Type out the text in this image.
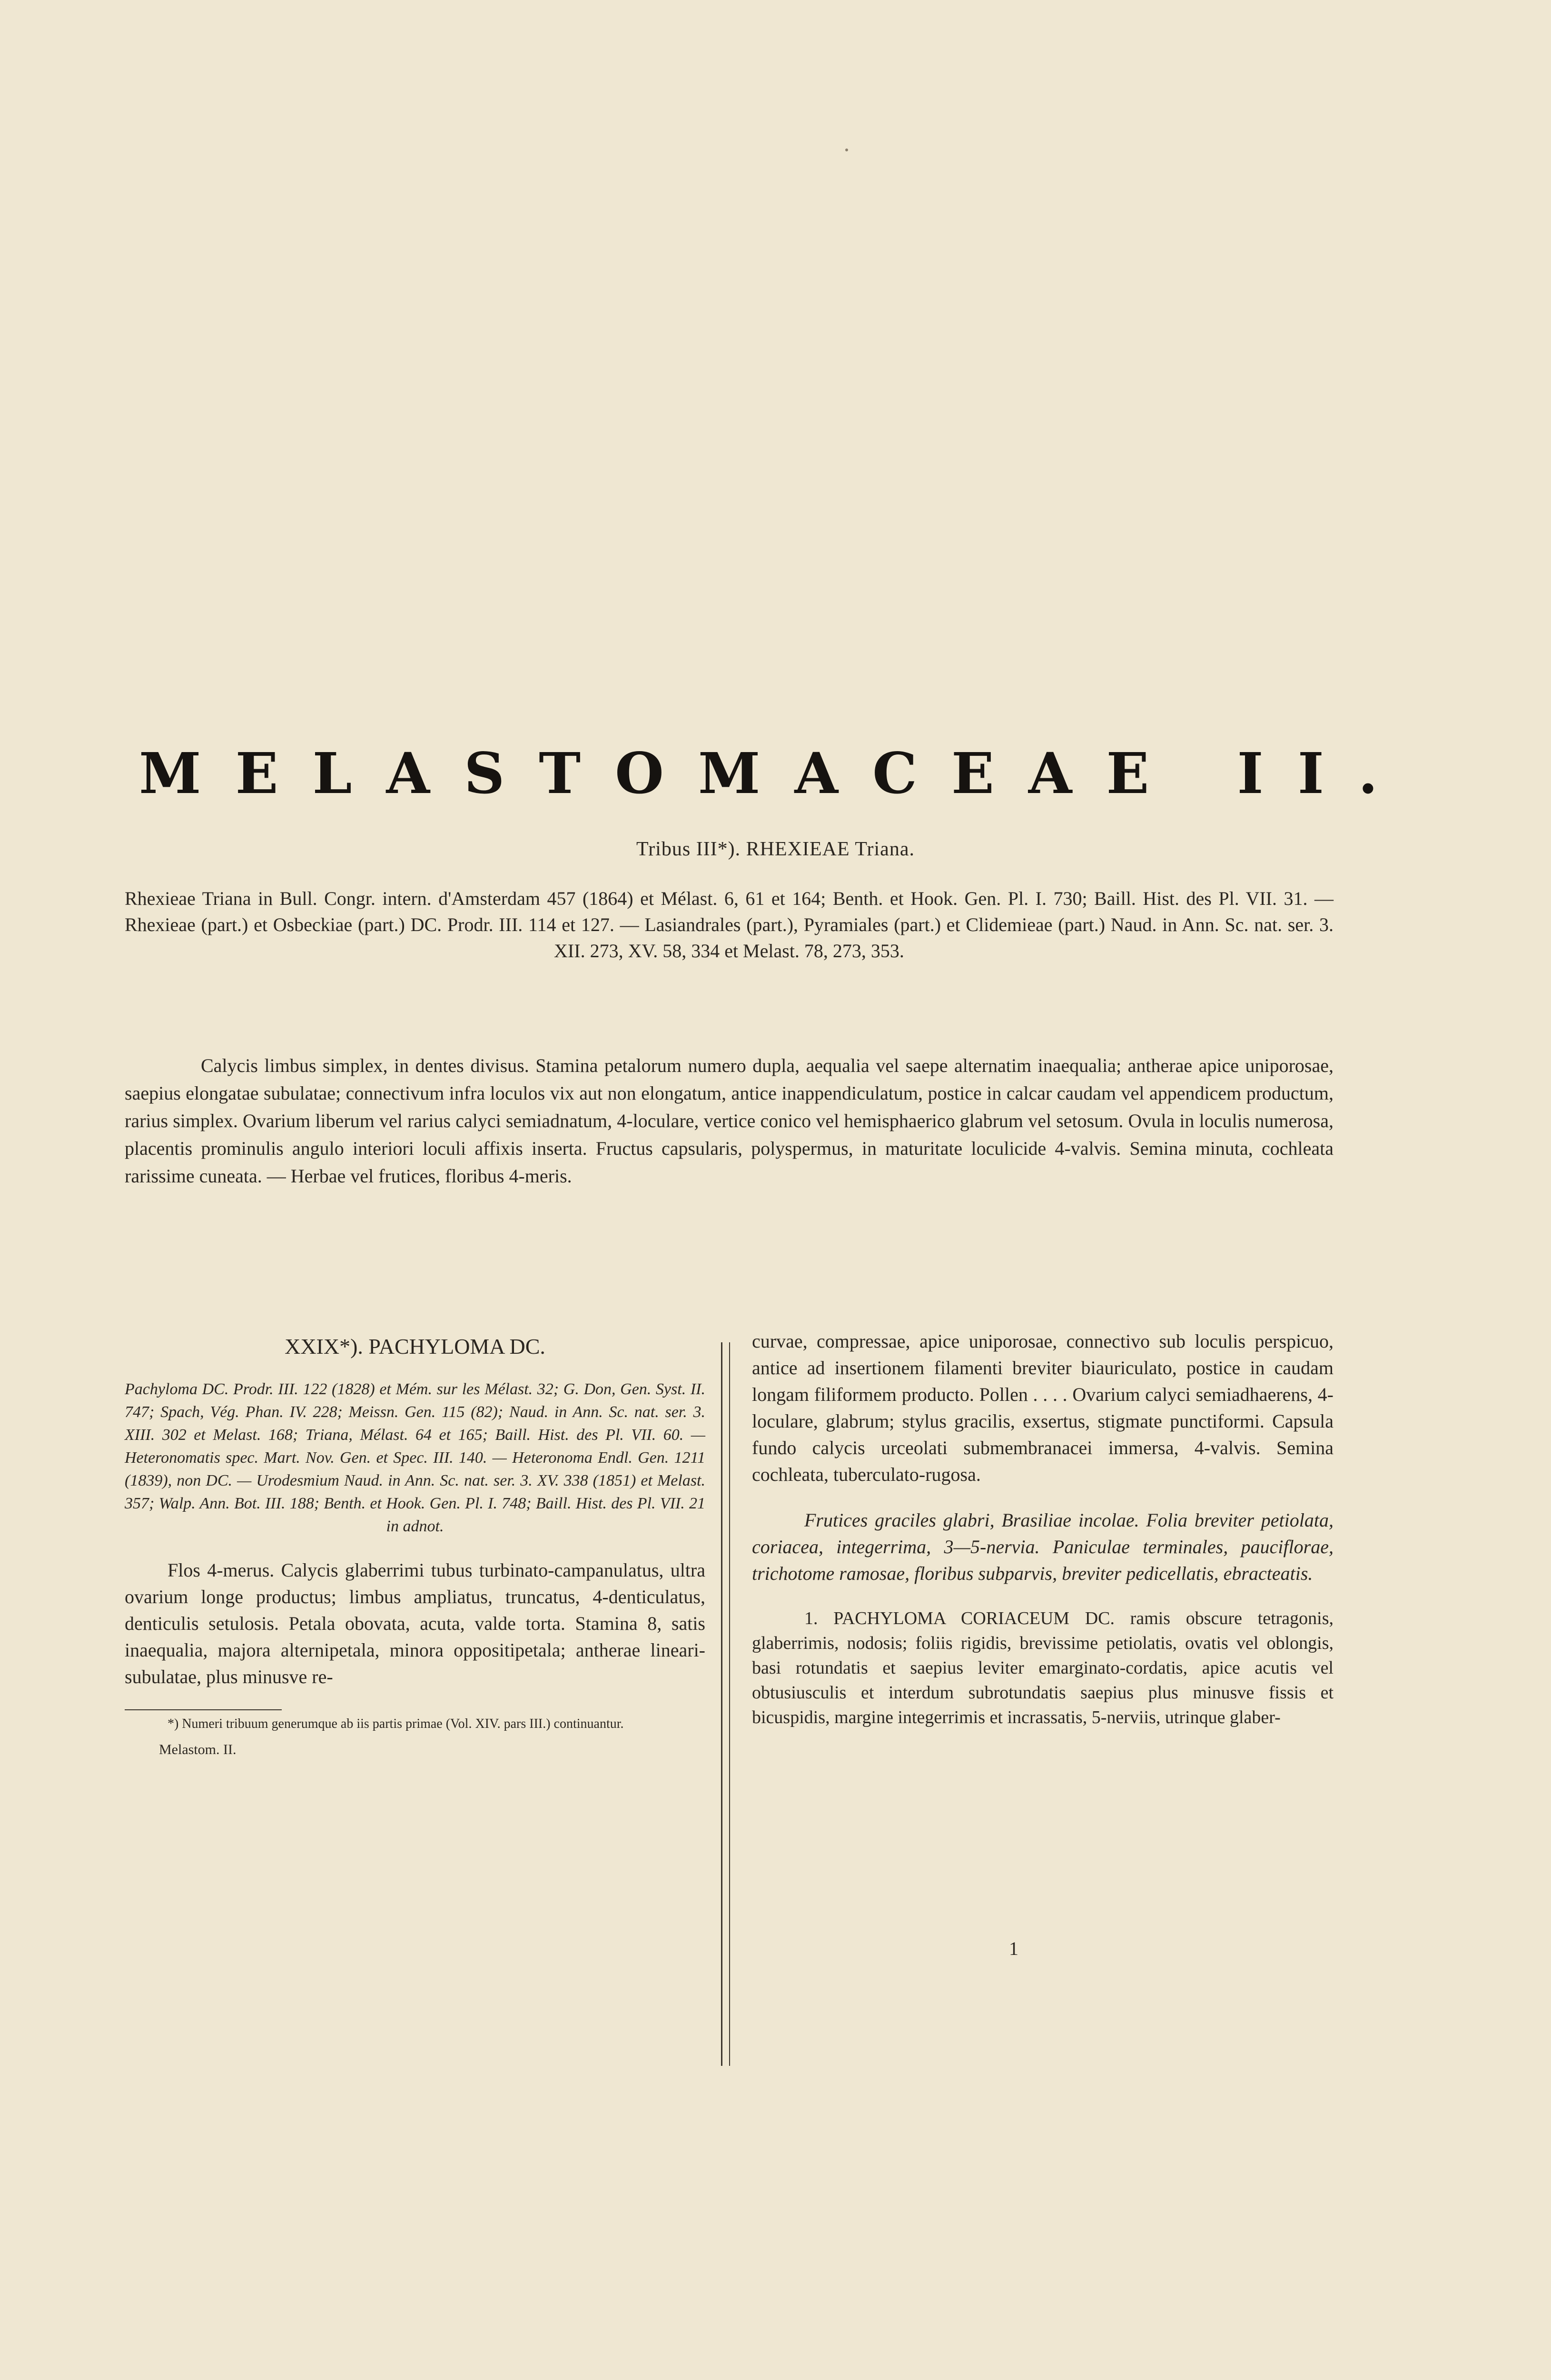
MELASTOMACEAE II.
Tribus III*). RHEXIEAE Triana.
Rhexieae Triana in Bull. Congr. intern. d'Amsterdam 457 (1864) et Mélast. 6, 61 et 164; Benth. et Hook. Gen. Pl. I. 730; Baill. Hist. des Pl. VII. 31. — Rhexieae (part.) et Osbeckiae (part.) DC. Prodr. III. 114 et 127. — Lasiandrales (part.), Pyramiales (part.) et Clidemieae (part.) Naud. in Ann. Sc. nat. ser. 3. XII. 273, XV. 58, 334 et Melast. 78, 273, 353.
Calycis limbus simplex, in dentes divisus. Stamina petalorum numero dupla, aequalia vel saepe alternatim inaequalia; antherae apice uniporosae, saepius elongatae subulatae; connectivum infra loculos vix aut non elongatum, antice inappendiculatum, postice in calcar caudam vel appendicem productum, rarius simplex. Ovarium liberum vel rarius calyci semiadnatum, 4-loculare, vertice conico vel hemisphaerico glabrum vel setosum. Ovula in loculis numerosa, placentis prominulis angulo interiori loculi affixis inserta. Fructus capsularis, polyspermus, in maturitate loculicide 4-valvis. Semina minuta, cochleata rarissime cuneata. — Herbae vel frutices, floribus 4-meris.
XXIX*). PACHYLOMA DC.
Pachyloma DC. Prodr. III. 122 (1828) et Mém. sur les Mélast. 32; G. Don, Gen. Syst. II. 747; Spach, Vég. Phan. IV. 228; Meissn. Gen. 115 (82); Naud. in Ann. Sc. nat. ser. 3. XIII. 302 et Melast. 168; Triana, Mélast. 64 et 165; Baill. Hist. des Pl. VII. 60. — Heteronomatis spec. Mart. Nov. Gen. et Spec. III. 140. — Heteronoma Endl. Gen. 1211 (1839), non DC. — Urodesmium Naud. in Ann. Sc. nat. ser. 3. XV. 338 (1851) et Melast. 357; Walp. Ann. Bot. III. 188; Benth. et Hook. Gen. Pl. I. 748; Baill. Hist. des Pl. VII. 21 in adnot.
Flos 4-merus. Calycis glaberrimi tubus turbinato-campanulatus, ultra ovarium longe productus; limbus ampliatus, truncatus, 4-denticulatus, denticulis setulosis. Petala obovata, acuta, valde torta. Stamina 8, satis inaequalia, majora alternipetala, minora oppositipetala; antherae lineari-subulatae, plus minusve re-
*) Numeri tribuum generumque ab iis partis primae (Vol. XIV. pars III.) continuantur.
Melastom. II.
curvae, compressae, apice uniporosae, connectivo sub loculis perspicuo, antice ad insertionem filamenti breviter biauriculato, postice in caudam longam filiformem producto. Pollen . . . . Ovarium calyci semiadhaerens, 4-loculare, glabrum; stylus gracilis, exsertus, stigmate punctiformi. Capsula fundo calycis urceolati submembranacei immersa, 4-valvis. Semina cochleata, tuberculato-rugosa.
Frutices graciles glabri, Brasiliae incolae. Folia breviter petiolata, coriacea, integerrima, 3—5-nervia. Paniculae terminales, pauciflorae, trichotome ramosae, floribus subparvis, breviter pedicellatis, ebracteatis.
1. PACHYLOMA CORIACEUM DC. ramis obscure tetragonis, glaberrimis, nodosis; foliis rigidis, brevissime petiolatis, ovatis vel oblongis, basi rotundatis et saepius leviter emarginato-cordatis, apice acutis vel obtusiusculis et interdum subrotundatis saepius plus minusve fissis et bicuspidis, margine integerrimis et incrassatis, 5-nerviis, utrinque glaber-
1
